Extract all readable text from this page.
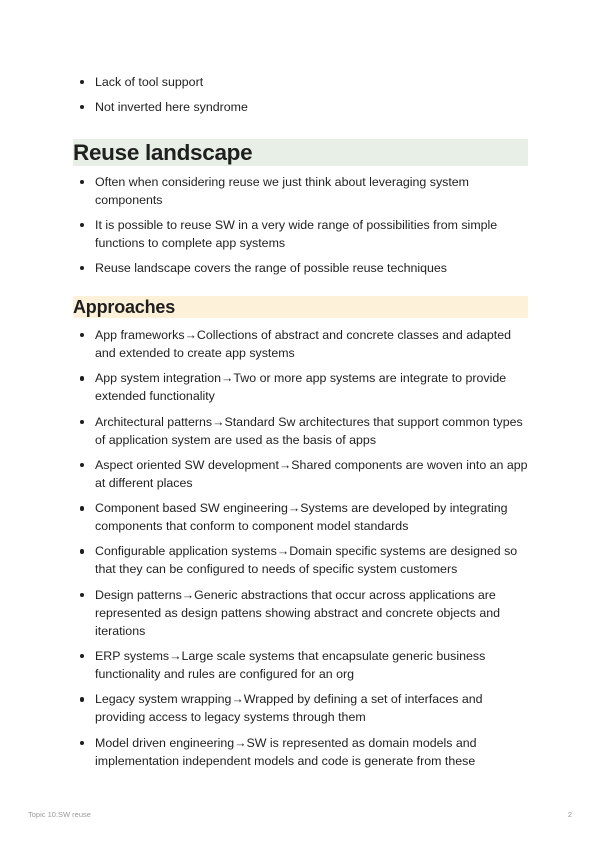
Lack of tool support
Not inverted here syndrome
Reuse landscape
Often when considering reuse we just think about leveraging system components
It is possible to reuse SW in a very wide range of possibilities from simple functions to complete app systems
Reuse landscape covers the range of possible reuse techniques
Approaches
App frameworks→Collections of abstract and concrete classes and adapted and extended to create app systems
App system integration→Two or more app systems are integrate to provide extended functionality
Architectural patterns→Standard Sw architectures that support common types of application system are used as the basis of apps
Aspect oriented SW development→Shared components are woven into an app at different places
Component based SW engineering→Systems are developed by integrating components that conform to component model standards
Configurable application systems→Domain specific systems are designed so that they can be configured to needs of specific system customers
Design patterns→Generic abstractions that occur across applications are represented as design pattens showing abstract and concrete objects and iterations
ERP systems→Large scale systems that encapsulate generic business functionality and rules are configured for an org
Legacy system wrapping→Wrapped by defining a set of interfaces and providing access to legacy systems through them
Model driven engineering→SW is represented as domain models and implementation independent models and code is generate from these
Topic 10.SW reuse	2
